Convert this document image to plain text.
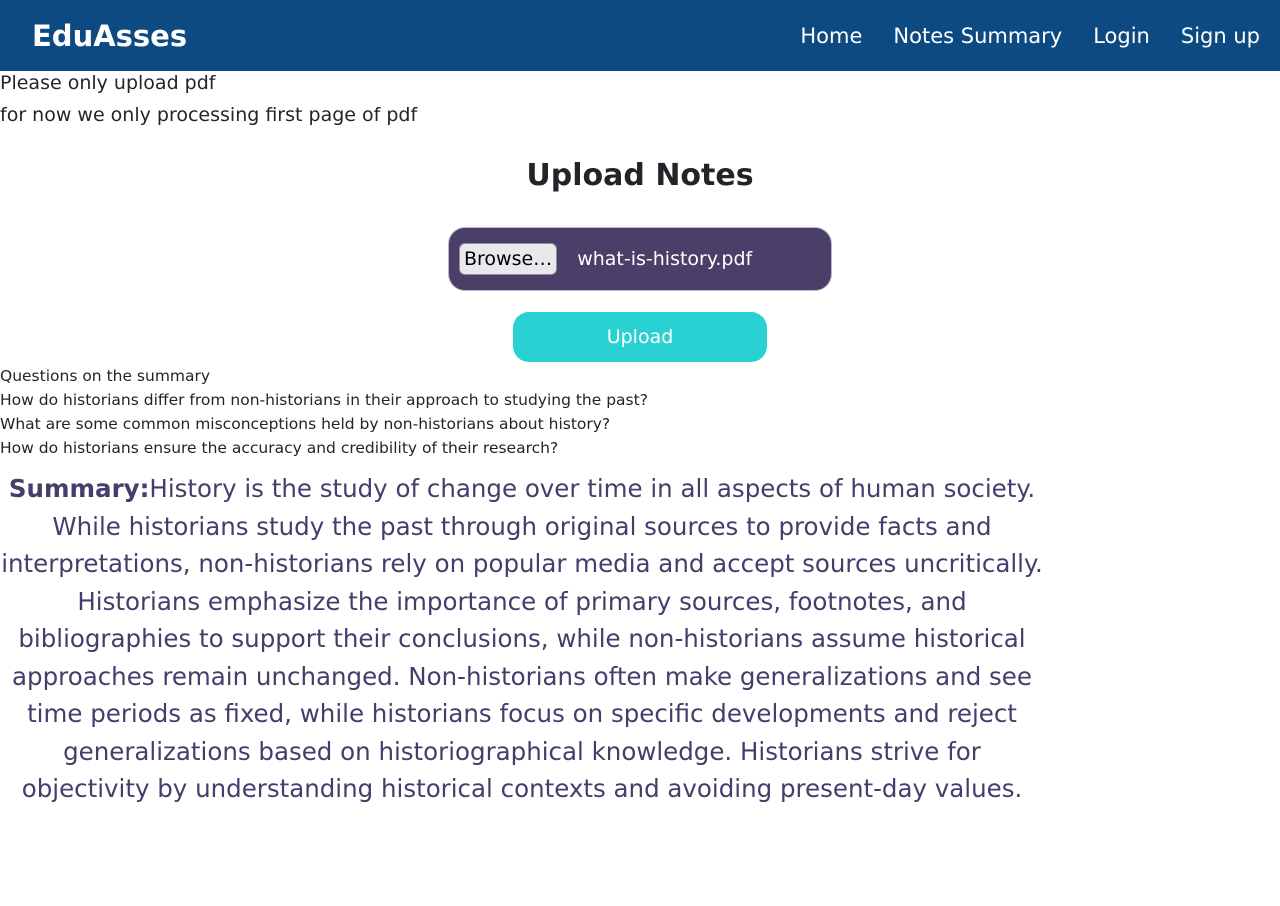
EduAsses	Home Notes Summary Login Sign up
Please only upload pdf
for now we only processing first page of pdf
Upload Notes
Browse… what-is-history.pdf
Upload
Questions on the summary
How do historians differ from non-historians in their approach to studying the past?
What are some common misconceptions held by non-historians about history?
How do historians ensure the accuracy and credibility of their research?

Summary:History is the study of change over time in all aspects of human society. While historians study the past through original sources to provide facts and interpretations, non-historians rely on popular media and accept sources uncritically. Historians emphasize the importance of primary sources, footnotes, and bibliographies to support their conclusions, while non-historians assume historical approaches remain unchanged. Non-historians often make generalizations and see time periods as fixed, while historians focus on specific developments and reject generalizations based on historiographical knowledge. Historians strive for objectivity by understanding historical contexts and avoiding present-day values.
